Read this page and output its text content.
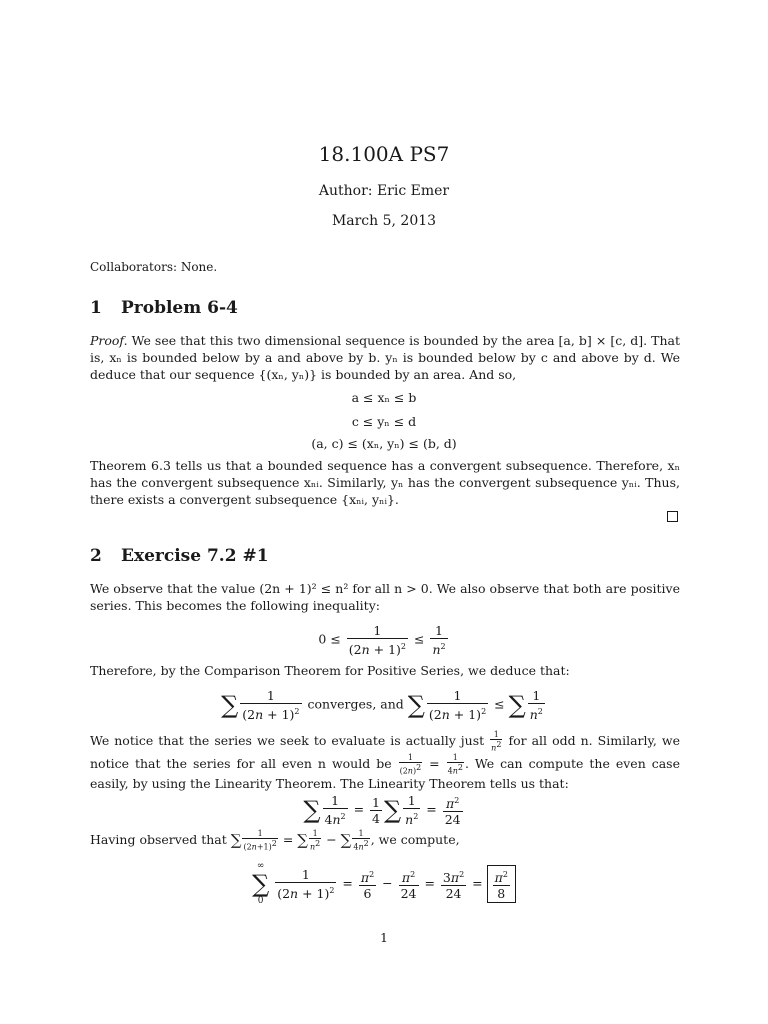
18.100A PS7
Author: Eric Emer
March 5, 2013
Collaborators: None.
1 Problem 6-4
Proof. We see that this two dimensional sequence is bounded by the area [a, b] × [c, d]. That is, xₙ is bounded below by a and above by b. yₙ is bounded below by c and above by d. We deduce that our sequence {(xₙ, yₙ)} is bounded by an area. And so,
a ≤ xₙ ≤ b
c ≤ yₙ ≤ d
(a, c) ≤ (xₙ, yₙ) ≤ (b, d)
Theorem 6.3 tells us that a bounded sequence has a convergent subsequence. Therefore, xₙ has the convergent subsequence xₙᵢ. Similarly, yₙ has the convergent subsequence yₙᵢ. Thus, there exists a convergent subsequence {xₙᵢ, yₙᵢ}.
2 Exercise 7.2 #1
We observe that the value (2n + 1)² ≤ n² for all n > 0. We also observe that both are positive series. This becomes the following inequality:
$0 \le \frac{1}{(2n + 1)^2} \le \frac{1}{n^2}$
Therefore, by the Comparison Theorem for Positive Series, we deduce that:
∑ $\frac{1}{(2n + 1)^2}$ converges, and ∑ $\frac{1}{(2n + 1)^2}$ ≤ ∑ $\frac{1}{n^2}$
We notice that the series we seek to evaluate is actually just $\frac{1}{n^2}$ for all odd n. Similarly, we notice that the series for all even n would be $\frac{1}{(2n)^2} = \frac{1}{4n^2}$ . We can compute the even case easily, by using the Linearity Theorem. The Linearity Theorem tells us that:
∑ $\frac{1}{4n^2} = \frac{1}{4}$ ∑ $\frac{1}{n^2} = \frac{\pi^2}{24}$
Having observed that ∑ $\frac{1}{(2n+1)^2}$ = ∑ $\frac{1}{n^2}$ − ∑ $\frac{1}{4n^2}$ , we compute,
∞
∑
0
$\frac{1}{(2n + 1)^2} = \frac{\pi^2}{6} - \frac{\pi^2}{24} = \frac{3\pi^2}{24} = \frac{\pi^2}{8}$
1
